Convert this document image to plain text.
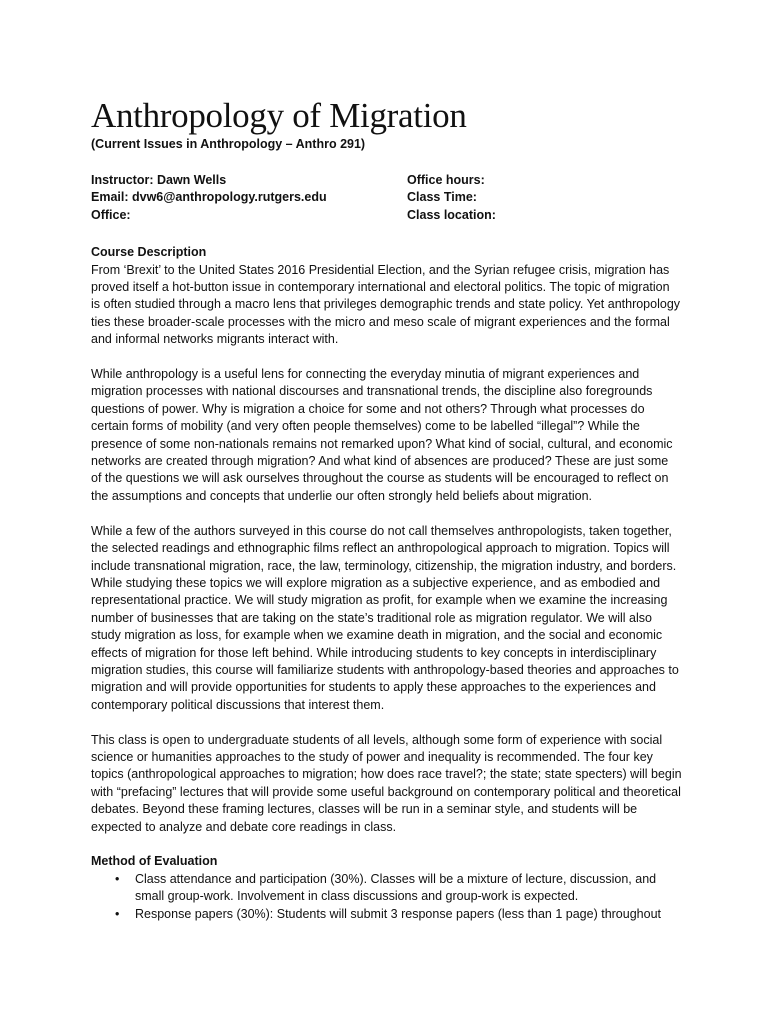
Anthropology of Migration
(Current Issues in Anthropology – Anthro 291)
Instructor: Dawn Wells
Email: dvw6@anthropology.rutgers.edu
Office:
Office hours:
Class Time:
Class location:
Course Description

From ‘Brexit’ to the United States 2016 Presidential Election, and the Syrian refugee crisis, migration has proved itself a hot-button issue in contemporary international and electoral politics. The topic of migration is often studied through a macro lens that privileges demographic trends and state policy. Yet anthropology ties these broader-scale processes with the micro and meso scale of migrant experiences and the formal and informal networks migrants interact with.

While anthropology is a useful lens for connecting the everyday minutia of migrant experiences and migration processes with national discourses and transnational trends, the discipline also foregrounds questions of power. Why is migration a choice for some and not others? Through what processes do certain forms of mobility (and very often people themselves) come to be labelled “illegal”? While the presence of some non-nationals remains not remarked upon? What kind of social, cultural, and economic networks are created through migration? And what kind of absences are produced? These are just some of the questions we will ask ourselves throughout the course as students will be encouraged to reflect on the assumptions and concepts that underlie our often strongly held beliefs about migration.

While a few of the authors surveyed in this course do not call themselves anthropologists, taken together, the selected readings and ethnographic films reflect an anthropological approach to migration. Topics will include transnational migration, race, the law, terminology, citizenship, the migration industry, and borders. While studying these topics we will explore migration as a subjective experience, and as embodied and representational practice. We will study migration as profit, for example when we examine the increasing number of businesses that are taking on the state’s traditional role as migration regulator. We will also study migration as loss, for example when we examine death in migration, and the social and economic effects of migration for those left behind. While introducing students to key concepts in interdisciplinary migration studies, this course will familiarize students with anthropology-based theories and approaches to migration and will provide opportunities for students to apply these approaches to the experiences and contemporary political discussions that interest them.

This class is open to undergraduate students of all levels, although some form of experience with social science or humanities approaches to the study of power and inequality is recommended. The four key topics (anthropological approaches to migration; how does race travel?; the state; state specters) will begin with “prefacing” lectures that will provide some useful background on contemporary political and theoretical debates. Beyond these framing lectures, classes will be run in a seminar style, and students will be expected to analyze and debate core readings in class.

Method of Evaluation
• Class attendance and participation (30%). Classes will be a mixture of lecture, discussion, and small group-work. Involvement in class discussions and group-work is expected.
• Response papers (30%): Students will submit 3 response papers (less than 1 page) throughout
